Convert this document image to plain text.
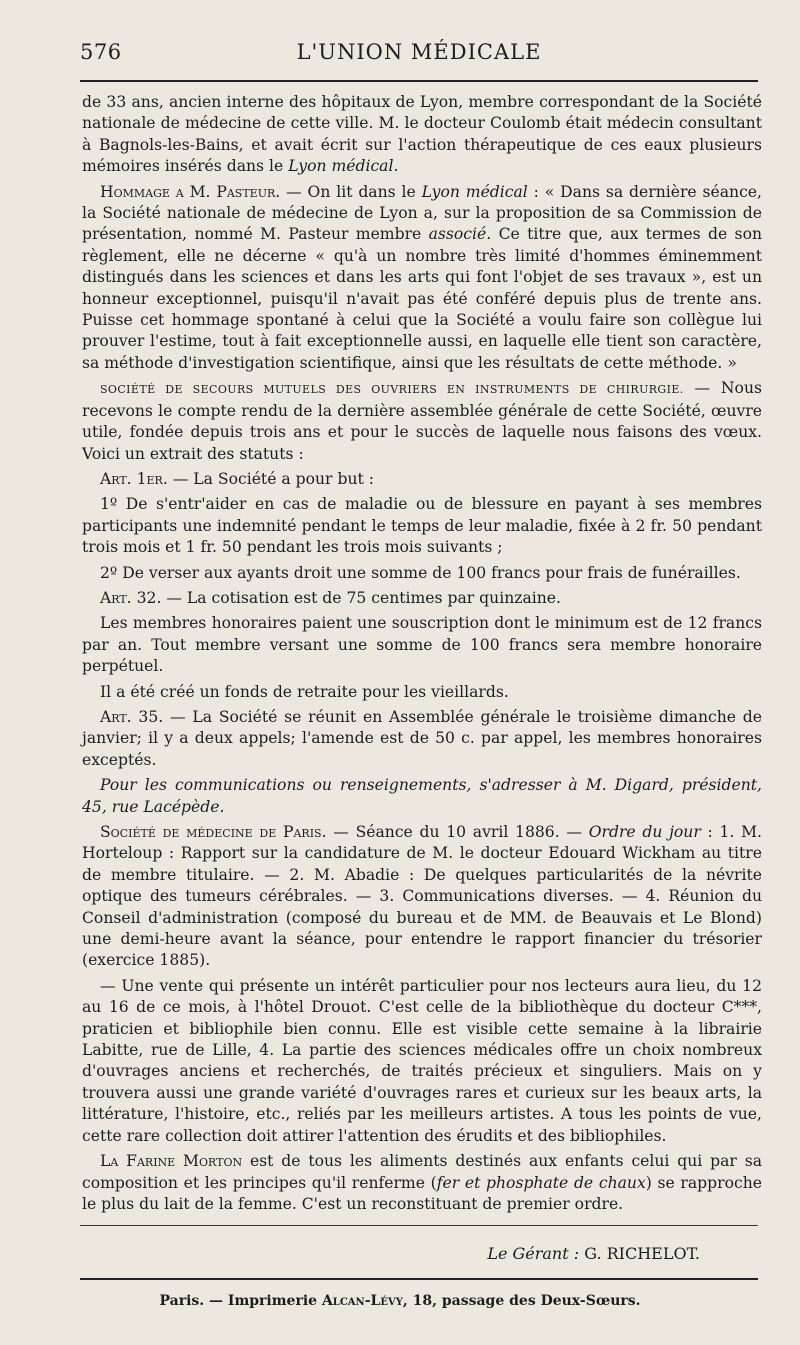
576	L'UNION MÉDICALE

de 33 ans, ancien interne des hôpitaux de Lyon, membre correspondant de la Société nationale de médecine de cette ville. M. le docteur Coulomb était médecin consultant à Bagnols-les-Bains, et avait écrit sur l'action thérapeutique de ces eaux plusieurs mémoires insérés dans le Lyon médical.

Hommage a M. Pasteur. — On lit dans le Lyon médical : « Dans sa dernière séance, la Société nationale de médecine de Lyon a, sur la proposition de sa Commission de présentation, nommé M. Pasteur membre associé. Ce titre que, aux termes de son règlement, elle ne décerne « qu'à un nombre très limité d'hommes éminemment distingués dans les sciences et dans les arts qui font l'objet de ses travaux », est un honneur exceptionnel, puisqu'il n'avait pas été conféré depuis plus de trente ans. Puisse cet hommage spontané à celui que la Société a voulu faire son collègue lui prouver l'estime, tout à fait exceptionnelle aussi, en laquelle elle tient son caractère, sa méthode d'investigation scientifique, ainsi que les résultats de cette méthode. »

SOCIÉTÉ DE SECOURS MUTUELS DES OUVRIERS EN INSTRUMENTS DE CHIRURGIE. — Nous recevons le compte rendu de la dernière assemblée générale de cette Société, œuvre utile, fondée depuis trois ans et pour le succès de laquelle nous faisons des vœux. Voici un extrait des statuts :

Art. 1er. — La Société a pour but :

1º De s'entr'aider en cas de maladie ou de blessure en payant à ses membres participants une indemnité pendant le temps de leur maladie, fixée à 2 fr. 50 pendant trois mois et 1 fr. 50 pendant les trois mois suivants ;

2º De verser aux ayants droit une somme de 100 francs pour frais de funérailles.

Art. 32. — La cotisation est de 75 centimes par quinzaine.

Les membres honoraires paient une souscription dont le minimum est de 12 francs par an. Tout membre versant une somme de 100 francs sera membre honoraire perpétuel.

Il a été créé un fonds de retraite pour les vieillards.

Art. 35. — La Société se réunit en Assemblée générale le troisième dimanche de janvier; il y a deux appels; l'amende est de 50 c. par appel, les membres honoraires exceptés.

Pour les communications ou renseignements, s'adresser à M. Digard, président, 45, rue Lacépède.

Société de médecine de Paris. — Séance du 10 avril 1886. — Ordre du jour : 1. M. Horteloup : Rapport sur la candidature de M. le docteur Edouard Wickham au titre de membre titulaire. — 2. M. Abadie : De quelques particularités de la névrite optique des tumeurs cérébrales. — 3. Communications diverses. — 4. Réunion du Conseil d'administration (composé du bureau et de MM. de Beauvais et Le Blond) une demi-heure avant la séance, pour entendre le rapport financier du trésorier (exercice 1885).

— Une vente qui présente un intérêt particulier pour nos lecteurs aura lieu, du 12 au 16 de ce mois, à l'hôtel Drouot. C'est celle de la bibliothèque du docteur C***, praticien et bibliophile bien connu. Elle est visible cette semaine à la librairie Labitte, rue de Lille, 4. La partie des sciences médicales offre un choix nombreux d'ouvrages anciens et recherchés, de traités précieux et singuliers. Mais on y trouvera aussi une grande variété d'ouvrages rares et curieux sur les beaux arts, la littérature, l'histoire, etc., reliés par les meilleurs artistes. A tous les points de vue, cette rare collection doit attirer l'attention des érudits et des bibliophiles.

La Farine Morton est de tous les aliments destinés aux enfants celui qui par sa composition et les principes qu'il renferme (fer et phosphate de chaux) se rapproche le plus du lait de la femme. C'est un reconstituant de premier ordre.

Le Gérant : G. RICHELOT.
Paris. — Imprimerie Alcan-Lévy, 18, passage des Deux-Sœurs.
